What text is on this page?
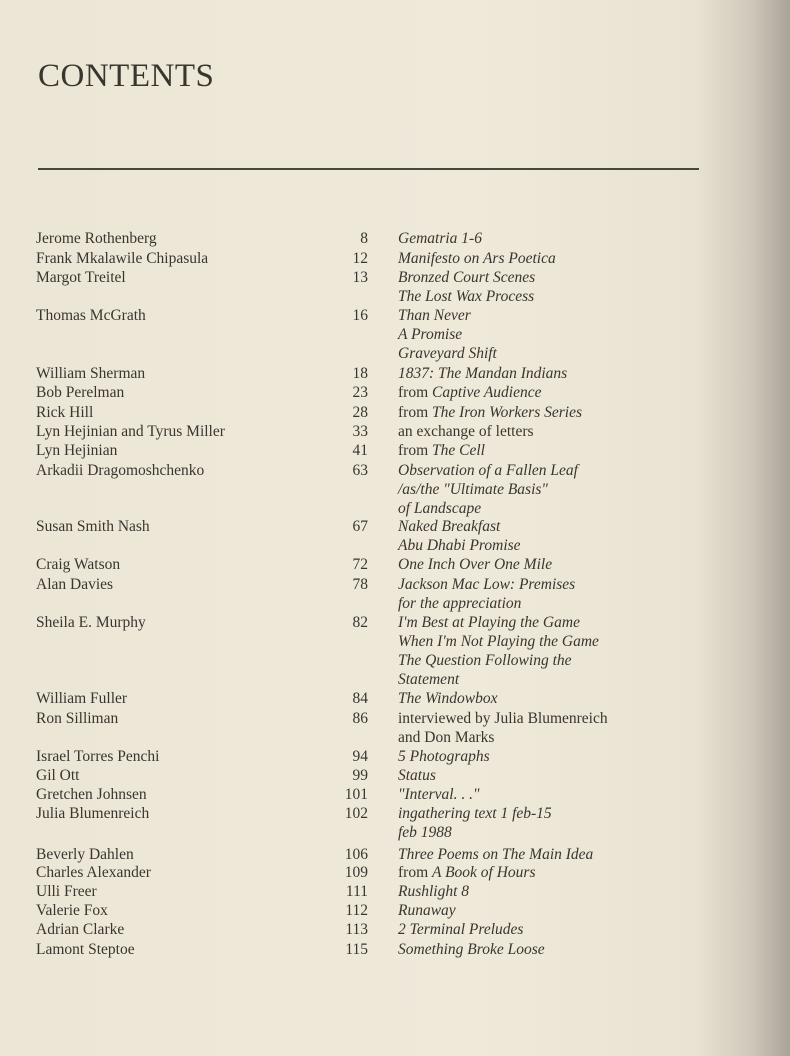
CONTENTS
Jerome Rothenberg	8 Gematria 1-6
Frank Mkalawile Chipasula	12 Manifesto on Ars Poetica
Margot Treitel	13 Bronzed Court Scenes
The Lost Wax Process
Thomas McGrath	16 Than Never
A Promise
Graveyard Shift
William Sherman	18 1837: The Mandan Indians
Bob Perelman	23 from Captive Audience
Rick Hill	28 from The Iron Workers Series
Lyn Hejinian and Tyrus Miller	33 an exchange of letters
Lyn Hejinian	41 from The Cell
Arkadii Dragomoshchenko	63 Observation of a Fallen Leaf
/as/the "Ultimate Basis"
of Landscape
Susan Smith Nash	67 Naked Breakfast
Abu Dhabi Promise
Craig Watson	72 One Inch Over One Mile
Alan Davies	78 Jackson Mac Low: Premises
for the appreciation
Sheila E. Murphy	82 I'm Best at Playing the Game
When I'm Not Playing the Game
The Question Following the
Statement
William Fuller	84 The Windowbox
Ron Silliman	86 interviewed by Julia Blumenreich
and Don Marks
Israel Torres Penchi	94 5 Photographs
Gil Ott	99 Status
Gretchen Johnsen	101 "Interval. . ."
Julia Blumenreich	102 ingathering text 1 feb-15
feb 1988
Beverly Dahlen	106 Three Poems on The Main Idea
Charles Alexander	109 from A Book of Hours
Ulli Freer	111 Rushlight 8
Valerie Fox	112 Runaway
Adrian Clarke	113 2 Terminal Preludes
Lamont Steptoe	115 Something Broke Loose
